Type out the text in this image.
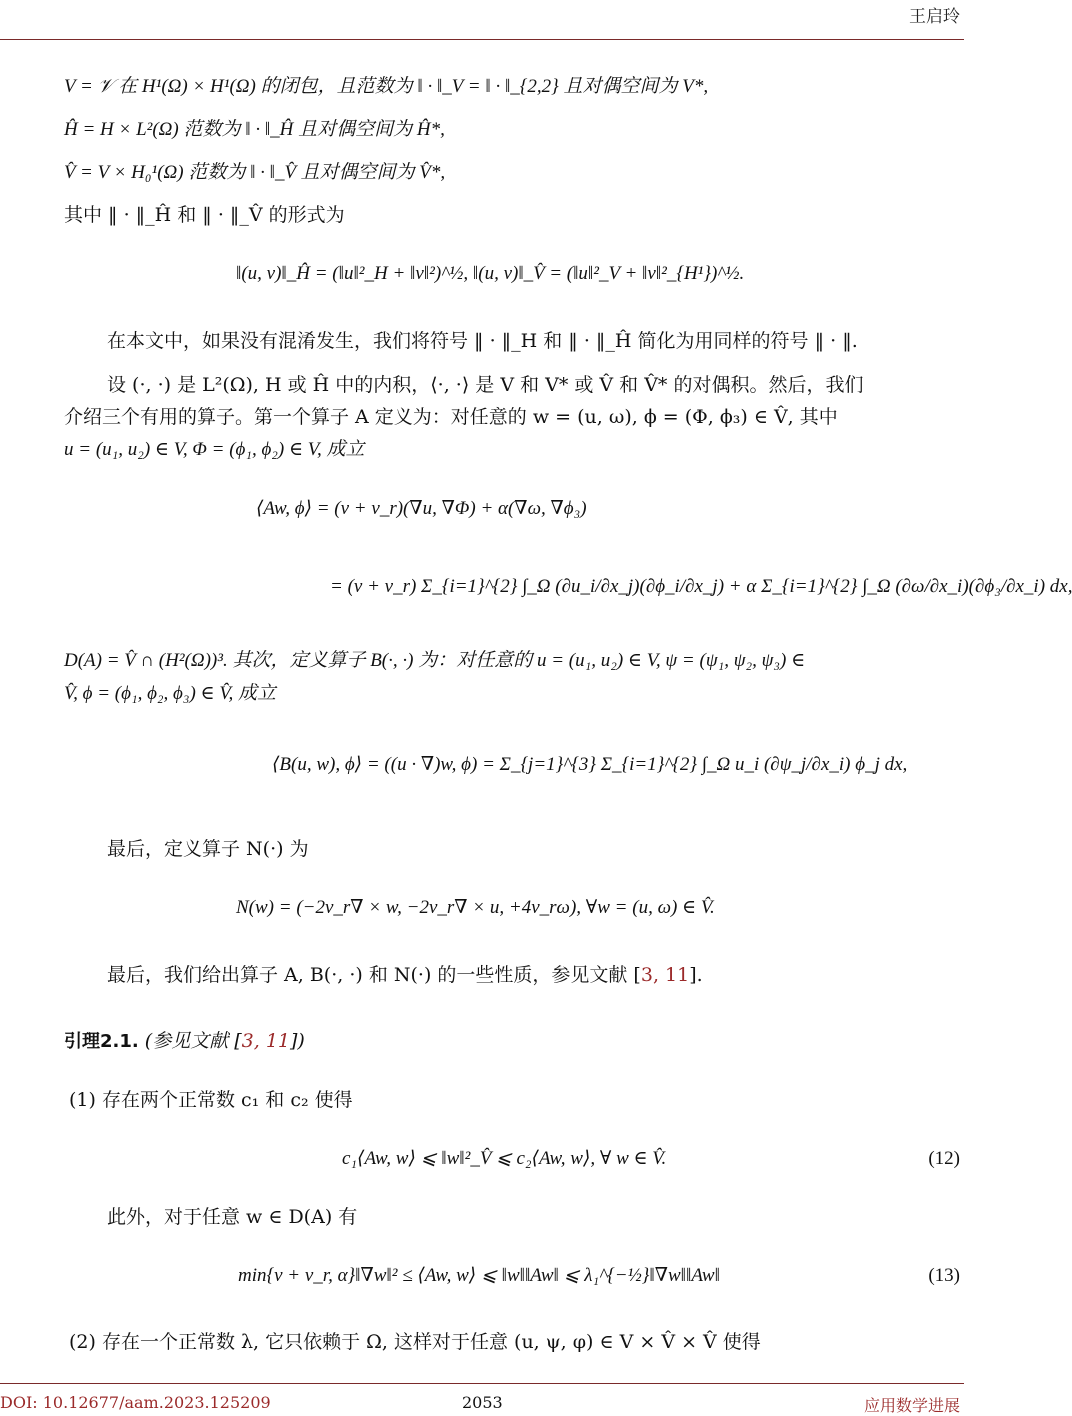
王启玲
V = 𝒱 在 H¹(Ω) × H¹(Ω) 的闭包，且范数为 ‖ · ‖_V = ‖ · ‖_{2,2} 且对偶空间为 V*,
Ĥ = H × L²(Ω) 范数为 ‖ · ‖_Ĥ 且对偶空间为 Ĥ*,
V̂ = V × H₀¹(Ω) 范数为 ‖ · ‖_V̂ 且对偶空间为 V̂*,
其中 ‖ · ‖_Ĥ 和 ‖ · ‖_V̂ 的形式为
‖(u, v)‖_Ĥ = (‖u‖²_H + ‖v‖²)^½, ‖(u, v)‖_V̂ = (‖u‖²_V + ‖v‖²_{H¹})^½.
在本文中，如果没有混淆发生，我们将符号 ‖ · ‖_H 和 ‖ · ‖_Ĥ 简化为用同样的符号 ‖ · ‖.
设 (·, ·) 是 L²(Ω), H 或 Ĥ 中的内积，⟨·, ·⟩ 是 V 和 V* 或 V̂ 和 V̂* 的对偶积。然后，我们
介绍三个有用的算子。第一个算子 A 定义为：对任意的 w = (u, ω), ϕ = (Φ, ϕ₃) ∈ V̂, 其中
u = (u₁, u₂) ∈ V, Φ = (ϕ₁, ϕ₂) ∈ V, 成立
⟨Aw, ϕ⟩ = (ν + ν_r)(∇u, ∇Φ) + α(∇ω, ∇ϕ₃)
= (ν + ν_r) Σ_{i=1}^{2} ∫_Ω (∂u_i/∂x_j)(∂ϕ_i/∂x_j) + α Σ_{i=1}^{2} ∫_Ω (∂ω/∂x_i)(∂ϕ₃/∂x_i) dx,
D(A) = V̂ ∩ (H²(Ω))³. 其次，定义算子 B(·, ·) 为：对任意的 u = (u₁, u₂) ∈ V, ψ = (ψ₁, ψ₂, ψ₃) ∈
V̂, ϕ = (ϕ₁, ϕ₂, ϕ₃) ∈ V̂, 成立
⟨B(u, w), ϕ⟩ = ((u · ∇)w, ϕ) = Σ_{j=1}^{3} Σ_{i=1}^{2} ∫_Ω u_i (∂ψ_j/∂x_i) ϕ_j dx,
最后，定义算子 N(·) 为
N(w) = (−2ν_r∇ × w, −2ν_r∇ × u, +4ν_rω), ∀w = (u, ω) ∈ V̂.
最后，我们给出算子 A, B(·, ·) 和 N(·) 的一些性质，参见文献 [3, 11].
引理2.1. (参见文献 [3, 11])
(1) 存在两个正常数 c₁ 和 c₂ 使得
c₁⟨Aw, w⟩ ⩽ ‖w‖²_V̂ ⩽ c₂⟨Aw, w⟩, ∀ w ∈ V̂.	(12)
此外，对于任意 w ∈ D(A) 有
min{ν + ν_r, α}‖∇w‖² ≤ ⟨Aw, w⟩ ⩽ ‖w‖‖Aw‖ ⩽ λ₁^{−½}‖∇w‖‖Aw‖	(13)
(2) 存在一个正常数 λ, 它只依赖于 Ω, 这样对于任意 (u, ψ, φ) ∈ V × V̂ × V̂ 使得
DOI: 10.12677/aam.2023.125209	2053	应用数学进展
